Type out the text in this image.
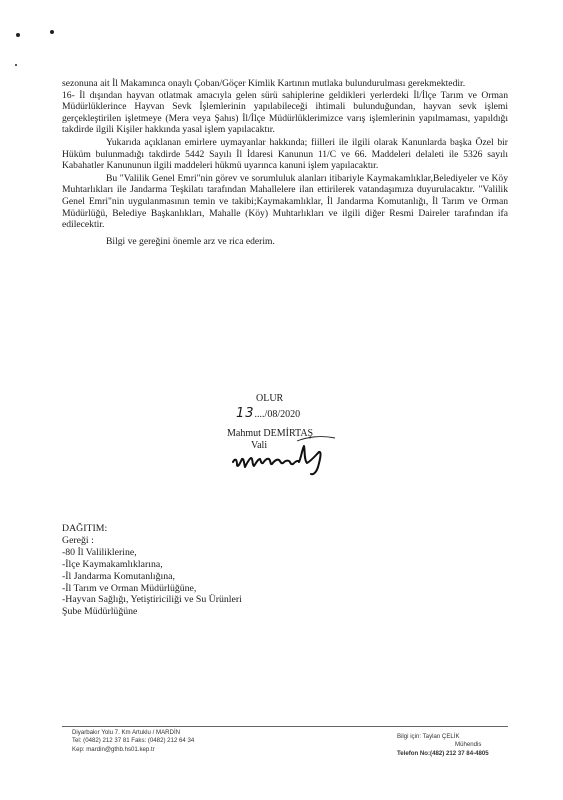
sezonuna ait İl Makamınca onaylı Çoban/Göçer Kimlik Kartının mutlaka bulundurulması gerekmektedir.

16- İl dışından hayvan otlatmak amacıyla gelen sürü sahiplerine geldikleri yerlerdeki İl/İlçe Tarım ve Orman Müdürlüklerince Hayvan Sevk İşlemlerinin yapılabileceği ihtimali bulunduğundan, hayvan sevk işlemi gerçekleştirilen işletmeye (Mera veya Şahıs) İl/İlçe Müdürlüklerimizce varış işlemlerinin yapılmaması, yapıldığı takdirde ilgili Kişiler hakkında yasal işlem yapılacaktır.

Yukarıda açıklanan emirlere uymayanlar hakkında; fiilleri ile ilgili olarak Kanunlarda başka Özel bir Hüküm bulunmadığı takdirde 5442 Sayılı İl İdaresi Kanunun 11/C ve 66. Maddeleri delaleti ile 5326 sayılı Kabahatler Kanununun ilgili maddeleri hükmü uyarınca kanuni işlem yapılacaktır.

Bu "Valilik Genel Emri"nin görev ve sorumluluk alanları itibariyle Kaymakamlıklar,Belediyeler ve Köy Muhtarlıkları ile Jandarma Teşkilatı tarafından Mahallelere ilan ettirilerek vatandaşımıza duyurulacaktır. "Valilik Genel Emri"nin uygulanmasının temin ve takibi;Kaymakamlıklar, İl Jandarma Komutanlığı, İl Tarım ve Orman Müdürlüğü, Belediye Başkanlıkları, Mahalle (Köy) Muhtarlıkları ve ilgili diğer Resmi Daireler tarafından ifa edilecektir.

Bilgi ve gereğini önemle arz ve rica ederim.

OLUR
13..../08/2020
Mahmut DEMİRTAŞ
Vali
DAĞITIM:
Gereği :
-80 İl Valiliklerine,
-İlçe Kaymakamlıklarına,
-İl Jandarma Komutanlığına,
-İl Tarım ve Orman Müdürlüğüne,
-Hayvan Sağlığı, Yetiştiriciliği ve Su Ürünleri
Şube Müdürlüğüne
Diyarbakır Yolu 7. Km Artuklu / MARDİN
Tel: (0482) 212 37 81 Faks: (0482) 212 64 34
Kep: mardin@gthb.hs01.kep.tr
Bilgi için: Taylan ÇELİK
Mühendis
Telefon No:(482) 212 37 84-4805
